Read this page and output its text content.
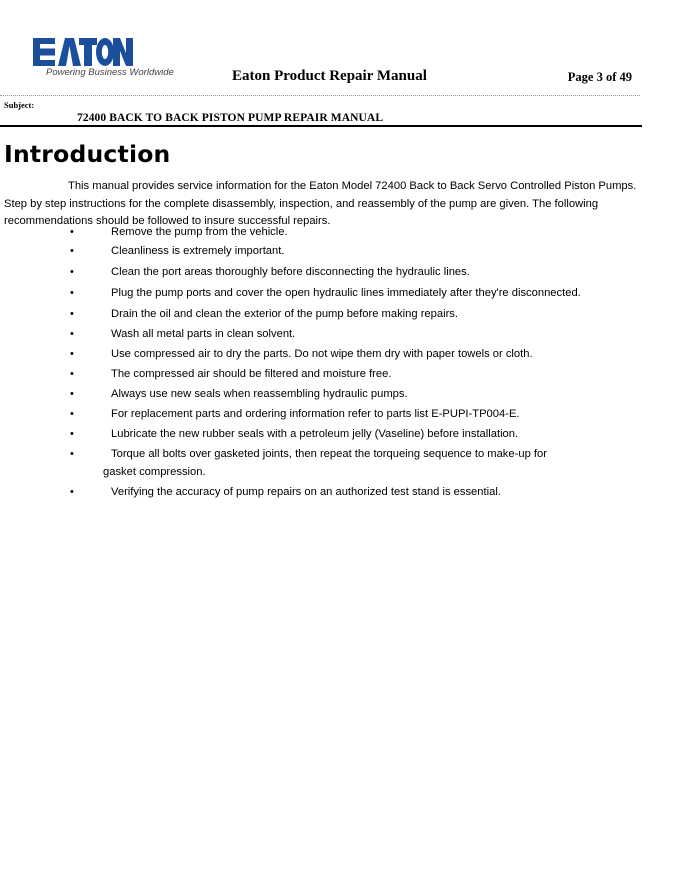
Powering Business Worldwide	Eaton Product Repair Manual	Page 3 of 49
Subject:
72400 BACK TO BACK PISTON PUMP REPAIR MANUAL
Introduction

This manual provides service information for the Eaton Model 72400 Back to Back Servo Controlled Piston Pumps. Step by step instructions for the complete disassembly, inspection, and reassembly of the pump are given. The following recommendations should be followed to insure successful repairs.

•	Remove the pump from the vehicle.
•	Cleanliness is extremely important.
•	Clean the port areas thoroughly before disconnecting the hydraulic lines.
•	Plug the pump ports and cover the open hydraulic lines immediately after they're disconnected.
•	Drain the oil and clean the exterior of the pump before making repairs.
•	Wash all metal parts in clean solvent.
•	Use compressed air to dry the parts. Do not wipe them dry with paper towels or cloth.
•	The compressed air should be filtered and moisture free.
•	Always use new seals when reassembling hydraulic pumps.
•	For replacement parts and ordering information refer to parts list E-PUPI-TP004-E.
•	Lubricate the new rubber seals with a petroleum jelly (Vaseline) before installation.
•	Torque all bolts over gasketed joints, then repeat the torqueing sequence to make-up for
gasket compression.
•	Verifying the accuracy of pump repairs on an authorized test stand is essential.
